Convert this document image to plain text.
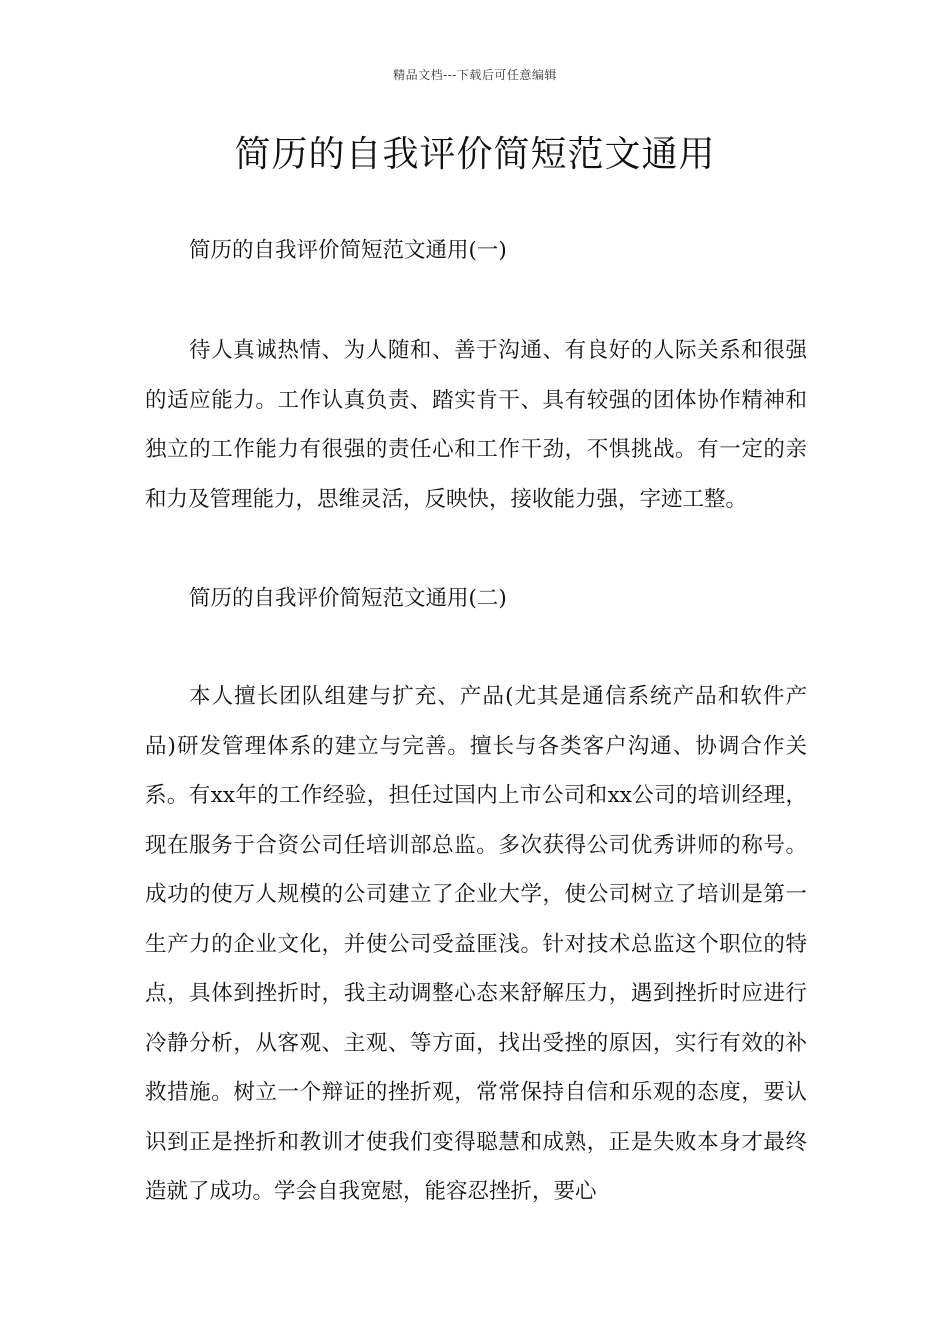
精品文档---下载后可任意编辑
简历的自我评价简短范文通用

简历的自我评价简短范文通用(一)

待人真诚热情、为人随和、善于沟通、有良好的人际关系和很强的适应能力。工作认真负责、踏实肯干、具有较强的团体协作精神和独立的工作能力有很强的责任心和工作干劲，不惧挑战。有一定的亲和力及管理能力，思维灵活，反映快，接收能力强，字迹工整。

简历的自我评价简短范文通用(二)

本人擅长团队组建与扩充、产品(尤其是通信系统产品和软件产品)研发管理体系的建立与完善。擅长与各类客户沟通、协调合作关系。有xx年的工作经验，担任过国内上市公司和xx公司的培训经理，现在服务于合资公司任培训部总监。多次获得公司优秀讲师的称号。成功的使万人规模的公司建立了企业大学，使公司树立了培训是第一生产力的企业文化，并使公司受益匪浅。针对技术总监这个职位的特点，具体到挫折时，我主动调整心态来舒解压力，遇到挫折时应进行冷静分析，从客观、主观、等方面，找出受挫的原因，实行有效的补救措施。树立一个辩证的挫折观，常常保持自信和乐观的态度，要认识到正是挫折和教训才使我们变得聪慧和成熟，正是失败本身才最终造就了成功。学会自我宽慰，能容忍挫折，要心
